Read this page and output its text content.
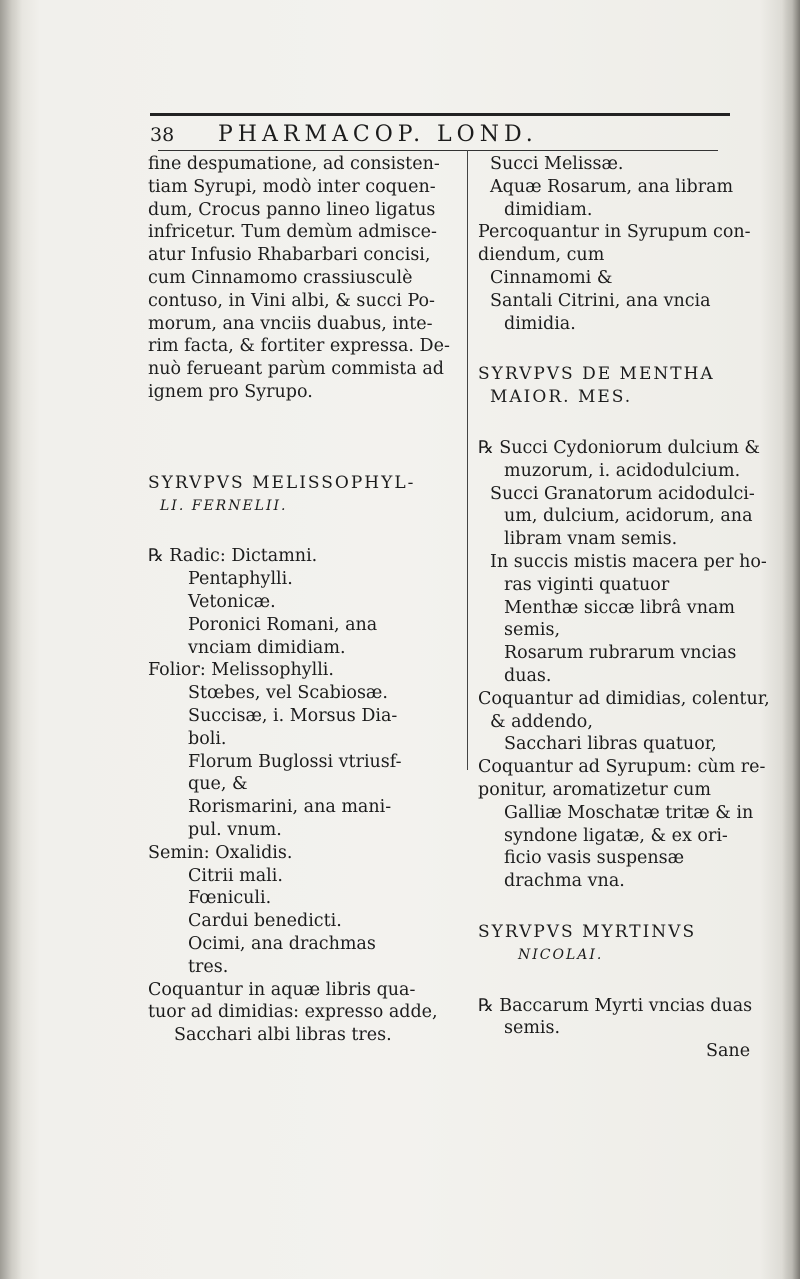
38 PHARMACOP. LOND.
fine despumatione, ad consisten-
tiam Syrupi, modò inter coquen-
dum, Crocus panno lineo ligatus
infricetur. Tum demùm admisce-
atur Infusio Rhabarbari concisi,
cum Cinnamomo crassiusculè
contuso, in Vini albi, & succi Po-
morum, ana vnciis duabus, inte-
rim facta, & fortiter expressa. De-
nuò ferueant parùm commista ad
ignem pro Syrupo.
SYRVPVS MELISSOPHYL-
LI. FERNELII.
℞ Radic: Dictamni.
Pentaphylli.
Vetonicæ.
Poronici Romani, ana
vnciam dimidiam.
Folior: Melissophylli.
Stœbes, vel Scabiosæ.
Succisæ, i. Morsus Dia-
boli.
Florum Buglossi vtriusf-
que, &
Rorismarini, ana mani-
pul. vnum.
Semin: Oxalidis.
Citrii mali.
Fœniculi.
Cardui benedicti.
Ocimi, ana drachmas
tres.
Coquantur in aquæ libris qua-
tuor ad dimidias: expresso adde,
Sacchari albi libras tres.
Succi Melissæ.
Aquæ Rosarum, ana libram
dimidiam.
Percoquantur in Syrupum con-
diendum, cum
Cinnamomi &
Santali Citrini, ana vncia
dimidia.
SYRVPVS DE MENTHA
MAIOR. MES.
℞ Succi Cydoniorum dulcium &
muzorum, i. acidodulcium.
Succi Granatorum acidodulci-
um, dulcium, acidorum, ana
libram vnam semis.
In succis mistis macera per ho-
ras viginti quatuor
Menthæ siccæ librâ vnam
semis,
Rosarum rubrarum vncias
duas.
Coquantur ad dimidias, colentur,
& addendo,
Sacchari libras quatuor,
Coquantur ad Syrupum: cùm re-
ponitur, aromatizetur cum
Galliæ Moschatæ tritæ & in
syndone ligatæ, & ex ori-
ficio vasis suspensæ
drachma vna.
SYRVPVS MYRTINVS
NICOLAI.
℞ Baccarum Myrti vncias duas
semis.
Sane
